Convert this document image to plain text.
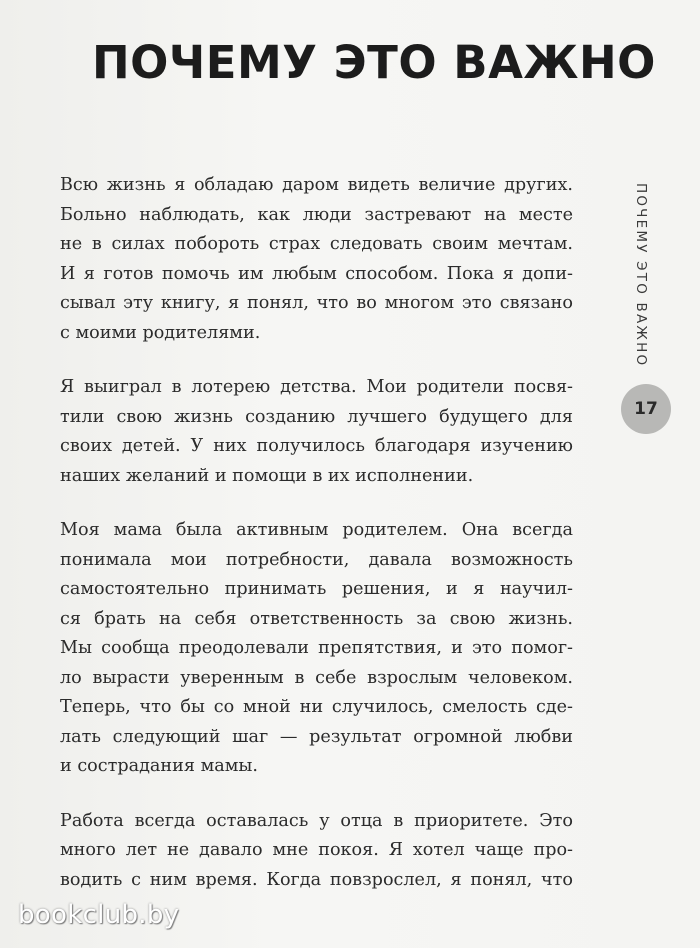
ПОЧЕМУ ЭТО ВАЖНО

Всю жизнь я обладаю даром видеть величие других.
Больно наблюдать, как люди застревают на месте
не в силах побороть страх следовать своим мечтам.
И я готов помочь им любым способом. Пока я допи-
сывал эту книгу, я понял, что во многом это связано
с моими родителями.

Я выиграл в лотерею детства. Мои родители посвя-
тили свою жизнь созданию лучшего будущего для
своих детей. У них получилось благодаря изучению
наших желаний и помощи в их исполнении.

Моя мама была активным родителем. Она всегда
понимала мои потребности, давала возможность
самостоятельно принимать решения, и я научил-
ся брать на себя ответственность за свою жизнь.
Мы сообща преодолевали препятствия, и это помог-
ло вырасти уверенным в себе взрослым человеком.
Теперь, что бы со мной ни случилось, смелость сде-
лать следующий шаг — результат огромной любви
и сострадания мамы.

Работа всегда оставалась у отца в приоритете. Это
много лет не давало мне покоя. Я хотел чаще про-
водить с ним время. Когда повзрослел, я понял, что

ПОЧЕМУ ЭТО ВАЖНО
17
bookclub.by
